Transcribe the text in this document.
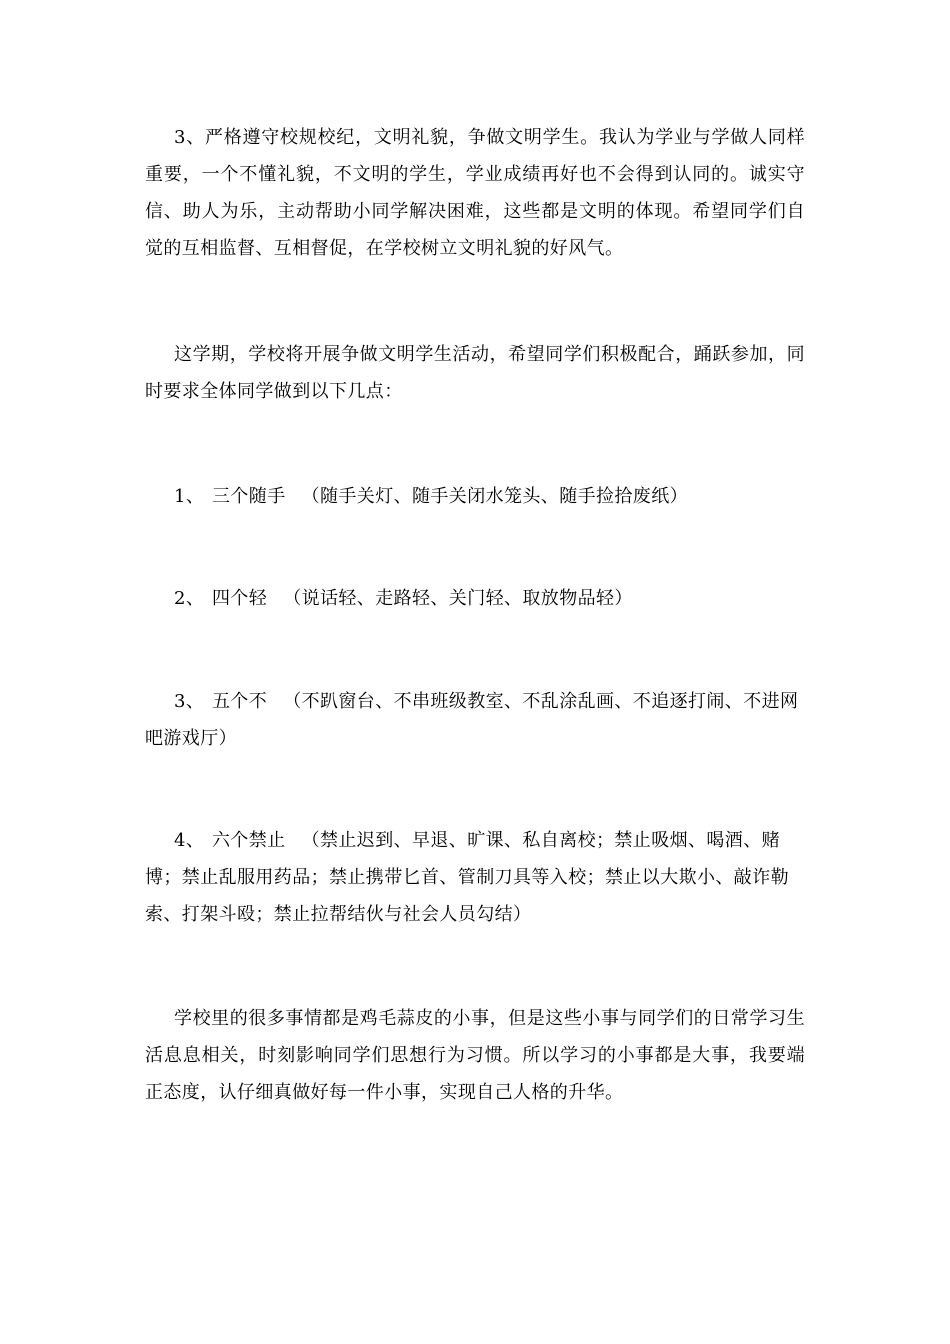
3、严格遵守校规校纪，文明礼貌，争做文明学生。我认为学业与学做人同样重要，一个不懂礼貌，不文明的学生，学业成绩再好也不会得到认同的。诚实守信、助人为乐，主动帮助小同学解决困难，这些都是文明的体现。希望同学们自觉的互相监督、互相督促，在学校树立文明礼貌的好风气。

这学期，学校将开展争做文明学生活动，希望同学们积极配合，踊跃参加，同时要求全体同学做到以下几点：

1、 三个随手 （随手关灯、随手关闭水笼头、随手捡拾废纸）

2、 四个轻 （说话轻、走路轻、关门轻、取放物品轻）

3、 五个不 （不趴窗台、不串班级教室、不乱涂乱画、不追逐打闹、不进网吧游戏厅）

4、 六个禁止 （禁止迟到、早退、旷课、私自离校；禁止吸烟、喝酒、赌博；禁止乱服用药品；禁止携带匕首、管制刀具等入校；禁止以大欺小、敲诈勒索、打架斗殴；禁止拉帮结伙与社会人员勾结）

学校里的很多事情都是鸡毛蒜皮的小事，但是这些小事与同学们的日常学习生活息息相关，时刻影响同学们思想行为习惯。所以学习的小事都是大事，我要端正态度，认仔细真做好每一件小事，实现自己人格的升华。
